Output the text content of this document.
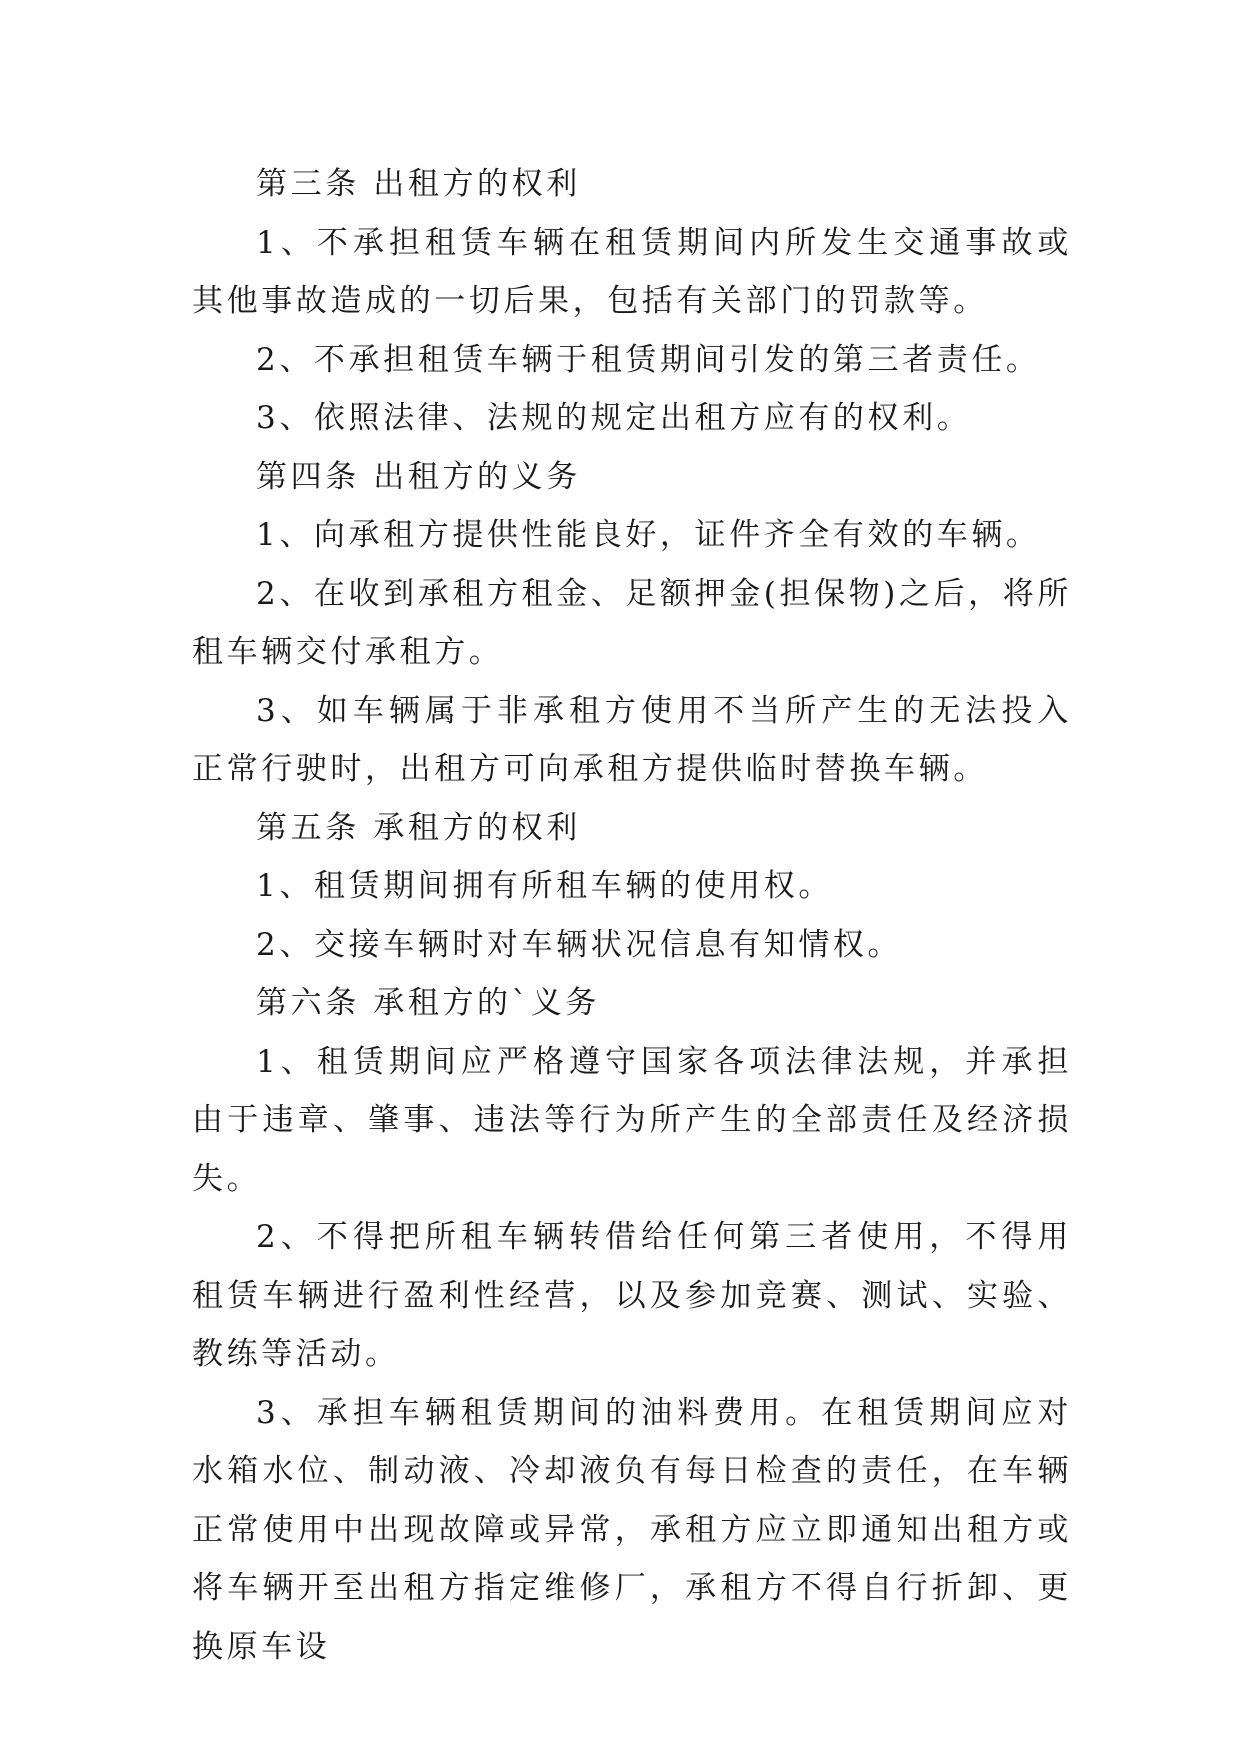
第三条 出租方的权利

1、不承担租赁车辆在租赁期间内所发生交通事故或其他事故造成的一切后果，包括有关部门的罚款等。

2、不承担租赁车辆于租赁期间引发的第三者责任。

3、依照法律、法规的规定出租方应有的权利。

第四条 出租方的义务

1、向承租方提供性能良好，证件齐全有效的车辆。

2、在收到承租方租金、足额押金(担保物)之后，将所租车辆交付承租方。

3、如车辆属于非承租方使用不当所产生的无法投入正常行驶时，出租方可向承租方提供临时替换车辆。

第五条 承租方的权利

1、租赁期间拥有所租车辆的使用权。

2、交接车辆时对车辆状况信息有知情权。

第六条 承租方的`义务

1、租赁期间应严格遵守国家各项法律法规，并承担由于违章、肇事、违法等行为所产生的全部责任及经济损失。

2、不得把所租车辆转借给任何第三者使用，不得用租赁车辆进行盈利性经营，以及参加竞赛、测试、实验、教练等活动。

3、承担车辆租赁期间的油料费用。在租赁期间应对水箱水位、制动液、冷却液负有每日检查的责任，在车辆正常使用中出现故障或异常，承租方应立即通知出租方或将车辆开至出租方指定维修厂，承租方不得自行折卸、更换原车设
